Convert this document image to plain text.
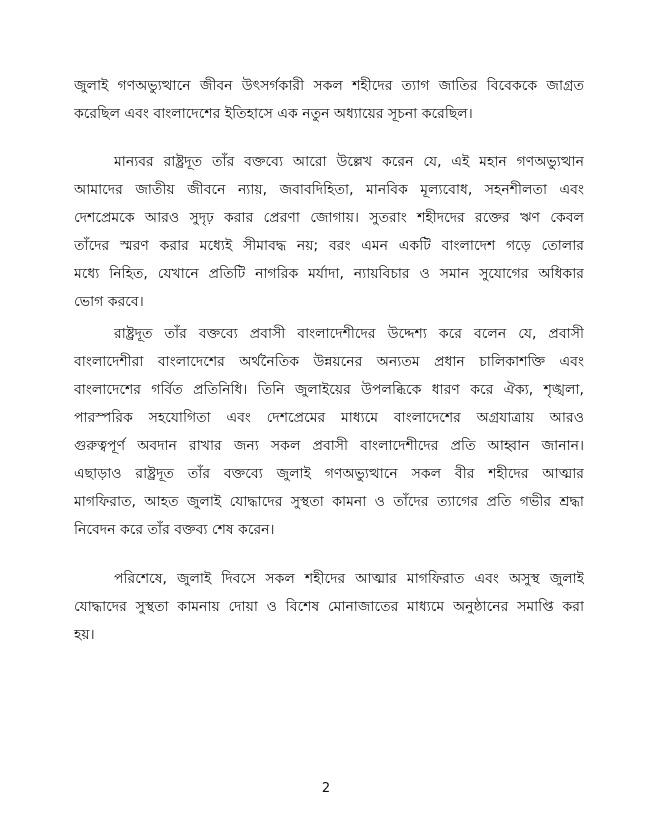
জুলাই গণঅভ্যুত্থানে জীবন উৎসর্গকারী সকল শহীদের ত্যাগ জাতির বিবেককে জাগ্রত
করেছিল এবং বাংলাদেশের ইতিহাসে এক নতুন অধ্যায়ের সূচনা করেছিল।
মান্যবর রাষ্ট্রদূত তাঁর বক্তব্যে আরো উল্লেখ করেন যে, এই মহান গণঅভ্যুত্থান
আমাদের জাতীয় জীবনে ন্যায়, জবাবদিহিতা, মানবিক মূল্যবোধ, সহনশীলতা এবং
দেশপ্রেমকে আরও সুদৃঢ় করার প্রেরণা জোগায়। সুতরাং শহীদদের রক্তের ঋণ কেবল
তাঁদের স্মরণ করার মধ্যেই সীমাবদ্ধ নয়; বরং এমন একটি বাংলাদেশ গড়ে তোলার
মধ্যে নিহিত, যেখানে প্রতিটি নাগরিক মর্যাদা, ন্যায়বিচার ও সমান সুযোগের অধিকার
ভোগ করবে।
রাষ্ট্রদূত তাঁর বক্তব্যে প্রবাসী বাংলাদেশীদের উদ্দেশ্য করে বলেন যে, প্রবাসী
বাংলাদেশীরা বাংলাদেশের অর্থনৈতিক উন্নয়নের অন্যতম প্রধান চালিকাশক্তি এবং
বাংলাদেশের গর্বিত প্রতিনিধি। তিনি জুলাইয়ের উপলব্ধিকে ধারণ করে ঐক্য, শৃঙ্খলা,
পারস্পরিক সহযোগিতা এবং দেশপ্রেমের মাধ্যমে বাংলাদেশের অগ্রযাত্রায় আরও
গুরুত্বপূর্ণ অবদান রাখার জন্য সকল প্রবাসী বাংলাদেশীদের প্রতি আহ্বান জানান।
এছাড়াও রাষ্ট্রদূত তাঁর বক্তব্যে জুলাই গণঅভ্যুত্থানে সকল বীর শহীদের আত্মার
মাগফিরাত, আহত জুলাই যোদ্ধাদের সুস্থতা কামনা ও তাঁদের ত্যাগের প্রতি গভীর শ্রদ্ধা
নিবেদন করে তাঁর বক্তব্য শেষ করেন।
পরিশেষে, জুলাই দিবসে সকল শহীদের আত্মার মাগফিরাত এবং অসুস্থ জুলাই
যোদ্ধাদের সুস্থতা কামনায় দোয়া ও বিশেষ মোনাজাতের মাধ্যমে অনুষ্ঠানের সমাপ্তি করা
হয়।
2
